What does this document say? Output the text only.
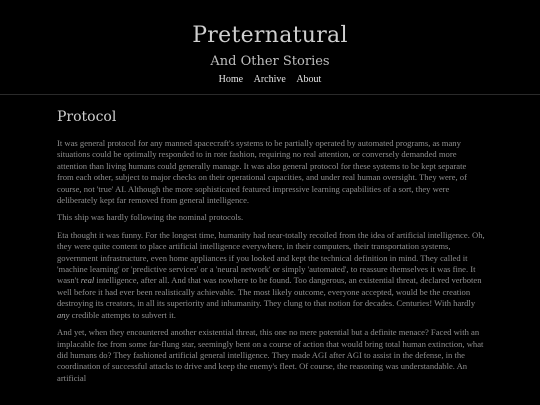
Preternatural
And Other Stories
Home Archive About
Protocol

It was general protocol for any manned spacecraft's systems to be partially operated by automated programs, as many situations could be optimally responded to in rote fashion, requiring no real attention, or conversely demanded more attention than living humans could generally manage. It was also general protocol for these systems to be kept separate from each other, subject to major checks on their operational capacities, and under real human oversight. They were, of course, not 'true' AI. Although the more sophisticated featured impressive learning capabilities of a sort, they were deliberately kept far removed from general intelligence.

This ship was hardly following the nominal protocols.

Eta thought it was funny. For the longest time, humanity had near-totally recoiled from the idea of artificial intelligence. Oh, they were quite content to place artificial intelligence everywhere, in their computers, their transportation systems, government infrastructure, even home appliances if you looked and kept the technical definition in mind. They called it 'machine learning' or 'predictive services' or a 'neural network' or simply 'automated', to reassure themselves it was fine. It wasn't real intelligence, after all. And that was nowhere to be found. Too dangerous, an existential threat, declared verboten well before it had ever been realistically achievable. The most likely outcome, everyone accepted, would be the creation destroying its creators, in all its superiority and inhumanity. They clung to that notion for decades. Centuries! With hardly any credible attempts to subvert it.

And yet, when they encountered another existential threat, this one no mere potential but a definite menace? Faced with an implacable foe from some far-flung star, seemingly bent on a course of action that would bring total human extinction, what did humans do? They fashioned artificial general intelligence. They made AGI after AGI to assist in the defense, in the coordination of successful attacks to drive and keep the enemy's fleet. Of course, the reasoning was understandable. An artificial
